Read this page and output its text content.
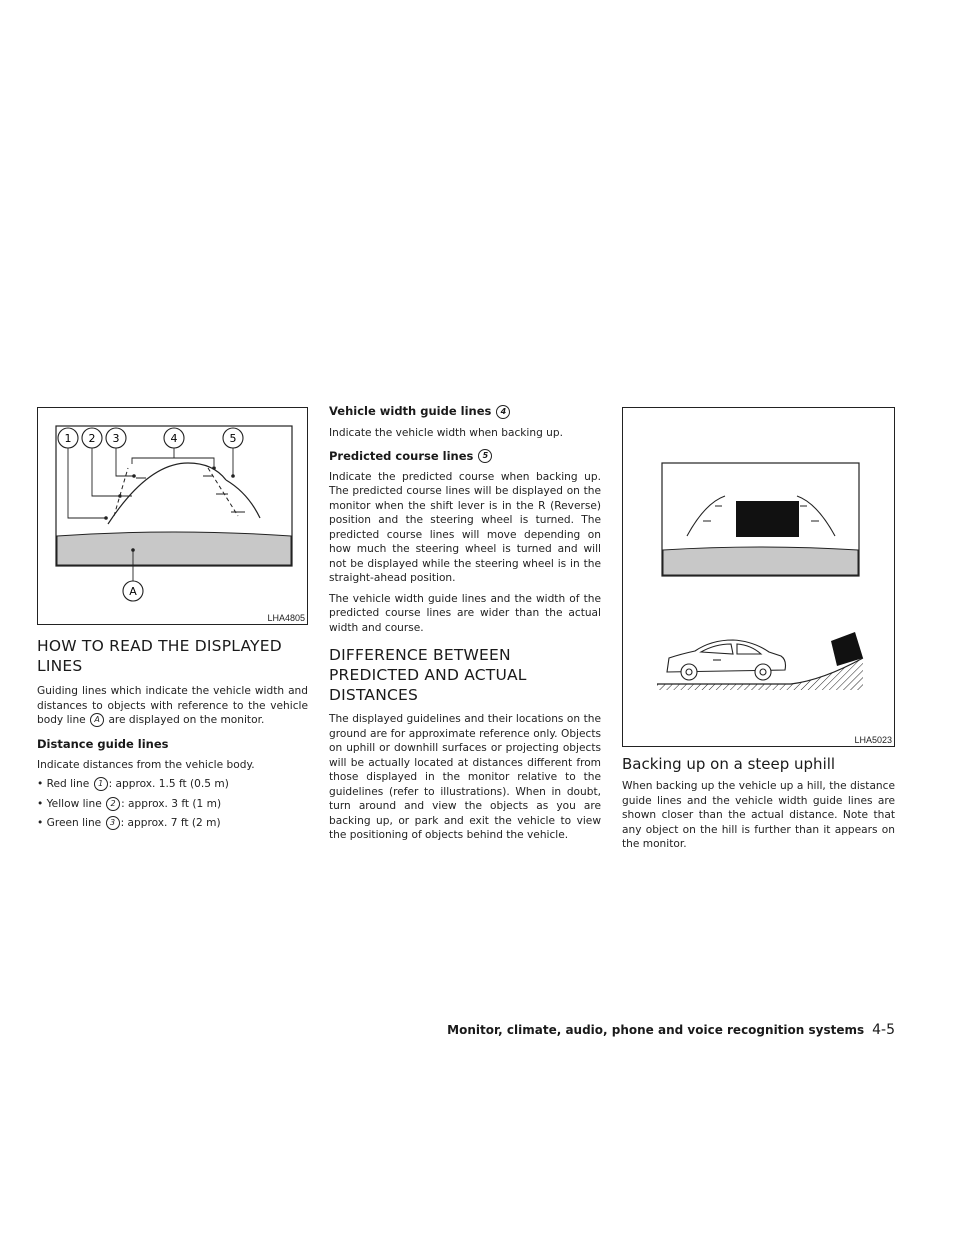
1 2 3	4	5
A
LHA4805
HOW TO READ THE DISPLAYED LINES

Guiding lines which indicate the vehicle width and distances to objects with reference to the vehicle body line A are displayed on the monitor.

Distance guide lines

Indicate distances from the vehicle body.

• Red line 1 : approx. 1.5 ft (0.5 m)
• Yellow line 2 : approx. 3 ft (1 m)
• Green line 3 : approx. 7 ft (2 m)
Vehicle width guide lines 4

Indicate the vehicle width when backing up.

Predicted course lines 5

Indicate the predicted course when backing up. The predicted course lines will be displayed on the monitor when the shift lever is in the R (Reverse) position and the steering wheel is turned. The predicted course lines will move depending on how much the steering wheel is turned and will not be displayed while the steering wheel is in the straight-ahead position.

The vehicle width guide lines and the width of the predicted course lines are wider than the actual width and course.

DIFFERENCE BETWEEN PREDICTED AND ACTUAL DISTANCES

The displayed guidelines and their locations on the ground are for approximate reference only. Objects on uphill or downhill surfaces or projecting objects will be actually located at distances different from those displayed in the monitor relative to the guidelines (refer to illustrations). When in doubt, turn around and view the objects as you are backing up, or park and exit the vehicle to view the positioning of objects behind the vehicle.

LHA5023
Backing up on a steep uphill

When backing up the vehicle up a hill, the distance guide lines and the vehicle width guide lines are shown closer than the actual distance. Note that any object on the hill is further than it appears on the monitor.

Monitor, climate, audio, phone and voice recognition systems 4-5
